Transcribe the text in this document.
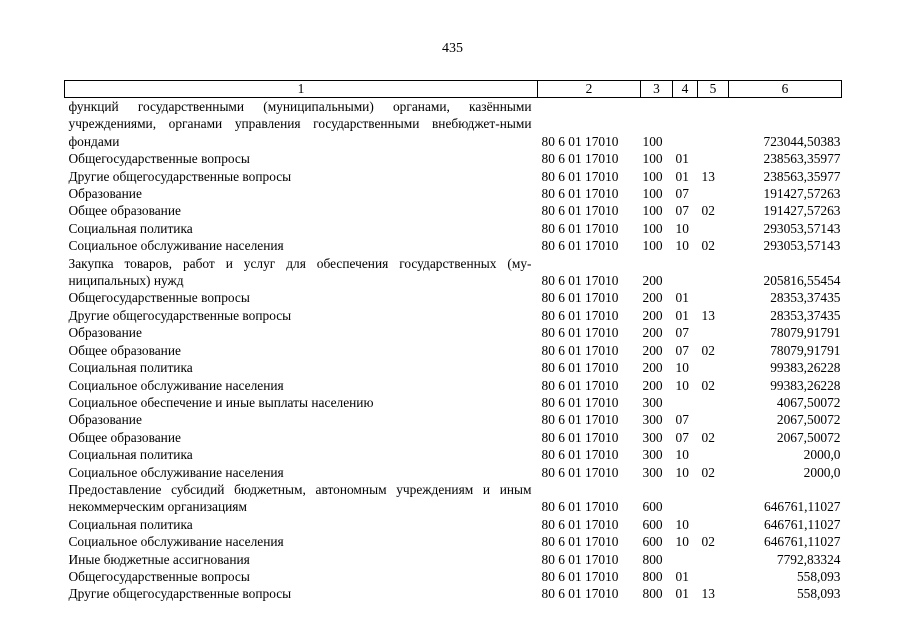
435
1	2	3	4	5	6
функций государственными (муниципальными) органами, казёнными учреждениями, органами управления государственными внебюджет-ными фондами	80 6 01 17010	100			723044,50383
Общегосударственные вопросы	80 6 01 17010	100	01		238563,35977
Другие общегосударственные вопросы	80 6 01 17010	100	01	13	238563,35977
Образование	80 6 01 17010	100	07		191427,57263
Общее образование	80 6 01 17010	100	07	02	191427,57263
Социальная политика	80 6 01 17010	100	10		293053,57143
Социальное обслуживание населения	80 6 01 17010	100	10	02	293053,57143
Закупка товаров, работ и услуг для обеспечения государственных (му-ниципальных) нужд	80 6 01 17010	200			205816,55454
Общегосударственные вопросы	80 6 01 17010	200	01		28353,37435
Другие общегосударственные вопросы	80 6 01 17010	200	01	13	28353,37435
Образование	80 6 01 17010	200	07		78079,91791
Общее образование	80 6 01 17010	200	07	02	78079,91791
Социальная политика	80 6 01 17010	200	10		99383,26228
Социальное обслуживание населения	80 6 01 17010	200	10	02	99383,26228
Социальное обеспечение и иные выплаты населению	80 6 01 17010	300			4067,50072
Образование	80 6 01 17010	300	07		2067,50072
Общее образование	80 6 01 17010	300	07	02	2067,50072
Социальная политика	80 6 01 17010	300	10		2000,0
Социальное обслуживание населения	80 6 01 17010	300	10	02	2000,0
Предоставление субсидий бюджетным, автономным учреждениям и иным некоммерческим организациям	80 6 01 17010	600			646761,11027
Социальная политика	80 6 01 17010	600	10		646761,11027
Социальное обслуживание населения	80 6 01 17010	600	10	02	646761,11027
Иные бюджетные ассигнования	80 6 01 17010	800			7792,83324
Общегосударственные вопросы	80 6 01 17010	800	01		558,093
Другие общегосударственные вопросы	80 6 01 17010	800	01	13	558,093
